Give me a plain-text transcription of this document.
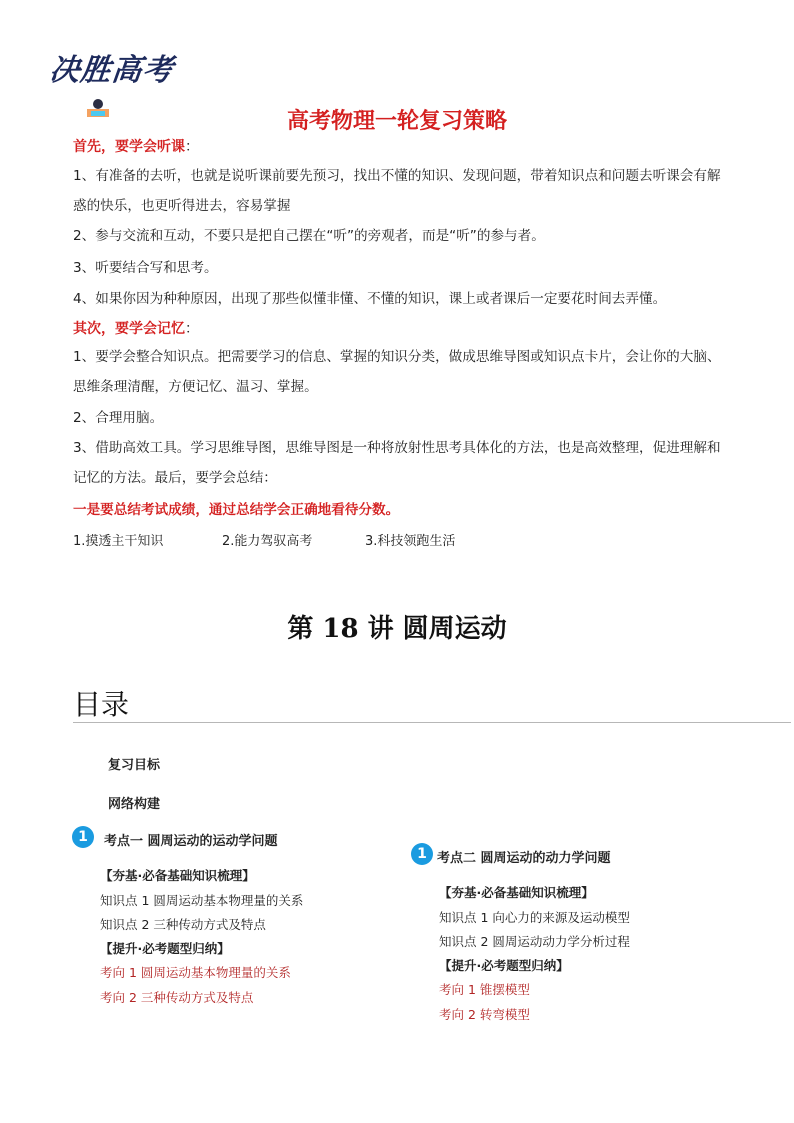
决胜高考
高考物理一轮复习策略
首先，要学会听课：
1、有准备的去听，也就是说听课前要先预习，找出不懂的知识、发现问题，带着知识点和问题去听课会有解惑的快乐，也更听得进去，容易掌握
2、参与交流和互动，不要只是把自己摆在“听”的旁观者，而是“听”的参与者。
3、听要结合写和思考。
4、如果你因为种种原因，出现了那些似懂非懂、不懂的知识，课上或者课后一定要花时间去弄懂。
其次，要学会记忆：
1、要学会整合知识点。把需要学习的信息、掌握的知识分类，做成思维导图或知识点卡片，会让你的大脑、思维条理清醒，方便记忆、温习、掌握。
2、合理用脑。
3、借助高效工具。学习思维导图，思维导图是一种将放射性思考具体化的方法，也是高效整理，促进理解和记忆的方法。最后，要学会总结：
一是要总结考试成绩，通过总结学会正确地看待分数。
1.摸透主干知识	2.能力驾驭高考	3.科技领跑生活
第 18 讲 圆周运动
目录
复习目标
网络构建
1	考点一 圆周运动的运动学问题
【夯基·必备基础知识梳理】
知识点 1 圆周运动基本物理量的关系
知识点 2 三种传动方式及特点
【提升·必考题型归纳】
考向 1 圆周运动基本物理量的关系
考向 2 三种传动方式及特点
1 考点二 圆周运动的动力学问题
【夯基·必备基础知识梳理】
知识点 1 向心力的来源及运动模型
知识点 2 圆周运动动力学分析过程
【提升·必考题型归纳】
考向 1 锥摆模型
考向 2 转弯模型
